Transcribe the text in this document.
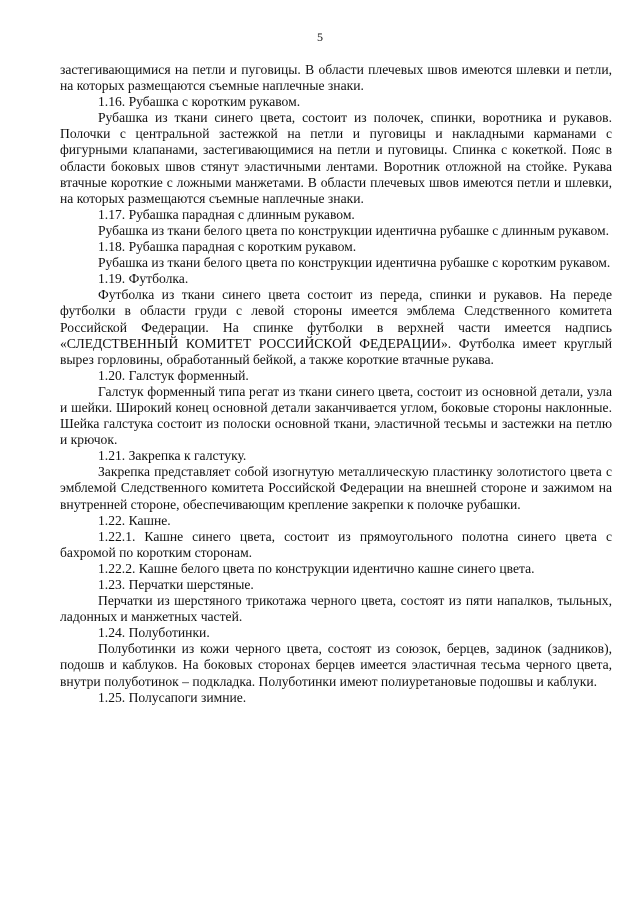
5

застегивающимися на петли и пуговицы. В области плечевых швов имеются шлевки и петли, на которых размещаются съемные наплечные знаки.

1.16. Рубашка с коротким рукавом.

Рубашка из ткани синего цвета, состоит из полочек, спинки, воротника и рукавов. Полочки с центральной застежкой на петли и пуговицы и накладными карманами с фигурными клапанами, застегивающимися на петли и пуговицы. Спинка с кокеткой. Пояс в области боковых швов стянут эластичными лентами. Воротник отложной на стойке. Рукава втачные короткие с ложными манжетами. В области плечевых швов имеются петли и шлевки, на которых размещаются съемные наплечные знаки.

1.17. Рубашка парадная с длинным рукавом.

Рубашка из ткани белого цвета по конструкции идентична рубашке с длинным рукавом.

1.18. Рубашка парадная с коротким рукавом.

Рубашка из ткани белого цвета по конструкции идентична рубашке с коротким рукавом.

1.19. Футболка.

Футболка из ткани синего цвета состоит из переда, спинки и рукавов. На переде футболки в области груди с левой стороны имеется эмблема Следственного комитета Российской Федерации. На спинке футболки в верхней части имеется надпись «СЛЕДСТВЕННЫЙ КОМИТЕТ РОССИЙСКОЙ ФЕДЕРАЦИИ». Футболка имеет круглый вырез горловины, обработанный бейкой, а также короткие втачные рукава.

1.20. Галстук форменный.

Галстук форменный типа регат из ткани синего цвета, состоит из основной детали, узла и шейки. Широкий конец основной детали заканчивается углом, боковые стороны наклонные. Шейка галстука состоит из полоски основной ткани, эластичной тесьмы и застежки на петлю и крючок.

1.21. Закрепка к галстуку.

Закрепка представляет собой изогнутую металлическую пластинку золотистого цвета с эмблемой Следственного комитета Российской Федерации на внешней стороне и зажимом на внутренней стороне, обеспечивающим крепление закрепки к полочке рубашки.

1.22. Кашне.

1.22.1. Кашне синего цвета, состоит из прямоугольного полотна синего цвета с бахромой по коротким сторонам.

1.22.2. Кашне белого цвета по конструкции идентично кашне синего цвета.

1.23. Перчатки шерстяные.

Перчатки из шерстяного трикотажа черного цвета, состоят из пяти напалков, тыльных, ладонных и манжетных частей.

1.24. Полуботинки.

Полуботинки из кожи черного цвета, состоят из союзок, берцев, задинок (задников), подошв и каблуков. На боковых сторонах берцев имеется эластичная тесьма черного цвета, внутри полуботинок – подкладка. Полуботинки имеют полиуретановые подошвы и каблуки.

1.25. Полусапоги зимние.
